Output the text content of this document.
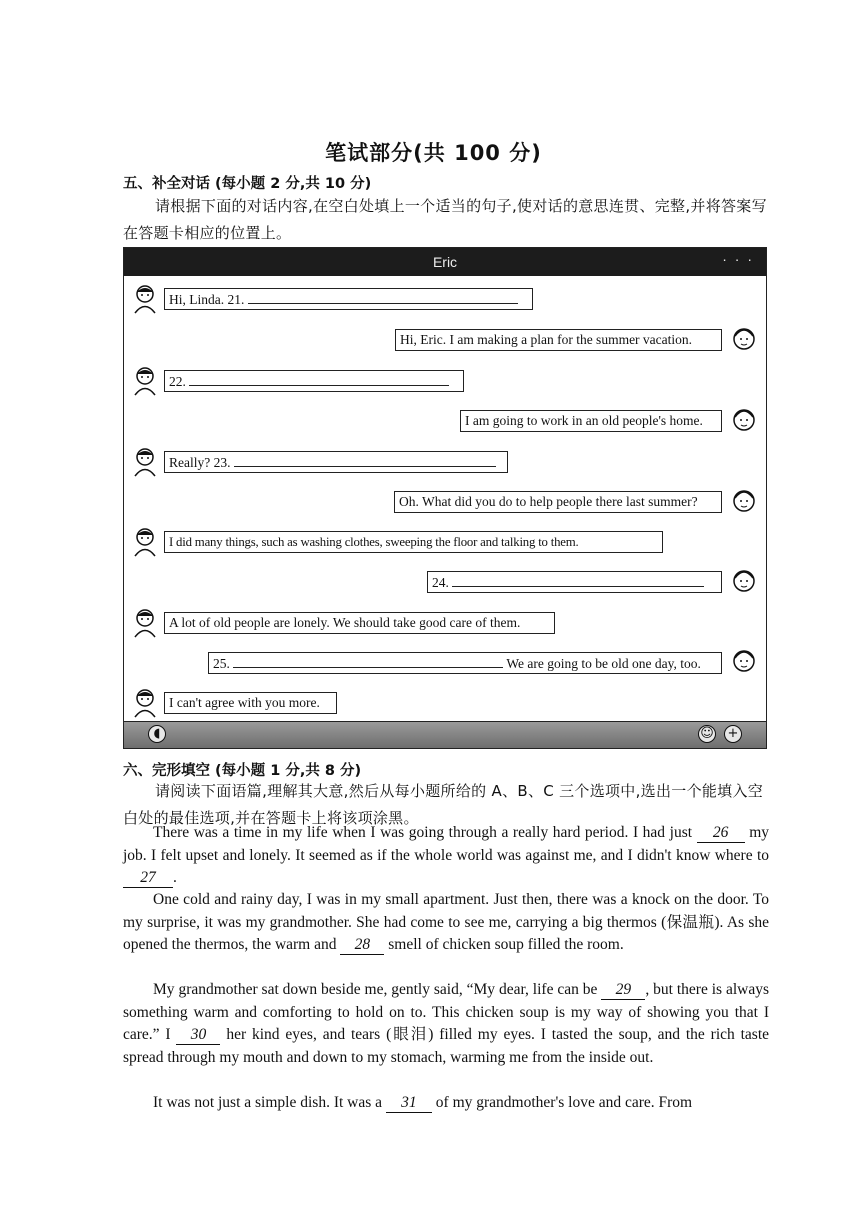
笔试部分(共 100 分)
五、补全对话 (每小题 2 分,共 10 分)
请根据下面的对话内容,在空白处填上一个适当的句子,使对话的意思连贯、完整,并将答案写在答题卡相应的位置上。
Eric	· · ·
Hi, Linda. 21.
Hi, Eric. I am making a plan for the summer vacation.
22.
I am going to work in an old people's home.
Really? 23.
Oh. What did you do to help people there last summer?
I did many things, such as washing clothes, sweeping the floor and talking to them.
24.
A lot of old people are lonely. We should take good care of them.
25.	We are going to be old one day, too.
I can't agree with you more.
◖	☺ +
六、完形填空 (每小题 1 分,共 8 分)
请阅读下面语篇,理解其大意,然后从每小题所给的 A、B、C 三个选项中,选出一个能填入空白处的最佳选项,并在答题卡上将该项涂黑。
There was a time in my life when I was going through a really hard period. I had just 26 my job. I felt upset and lonely. It seemed as if the whole world was against me, and I didn't know where to 27 .
One cold and rainy day, I was in my small apartment. Just then, there was a knock on the door. To my surprise, it was my grandmother. She had come to see me, carrying a big thermos (保温瓶). As she opened the thermos, the warm and 28 smell of chicken soup filled the room.
My grandmother sat down beside me, gently said, “My dear, life can be 29 , but there is always something warm and comforting to hold on to. This chicken soup is my way of showing you that I care.” I 30 her kind eyes, and tears (眼泪) filled my eyes. I tasted the soup, and the rich taste spread through my mouth and down to my stomach, warming me from the inside out.
It was not just a simple dish. It was a 31 of my grandmother's love and care. From
